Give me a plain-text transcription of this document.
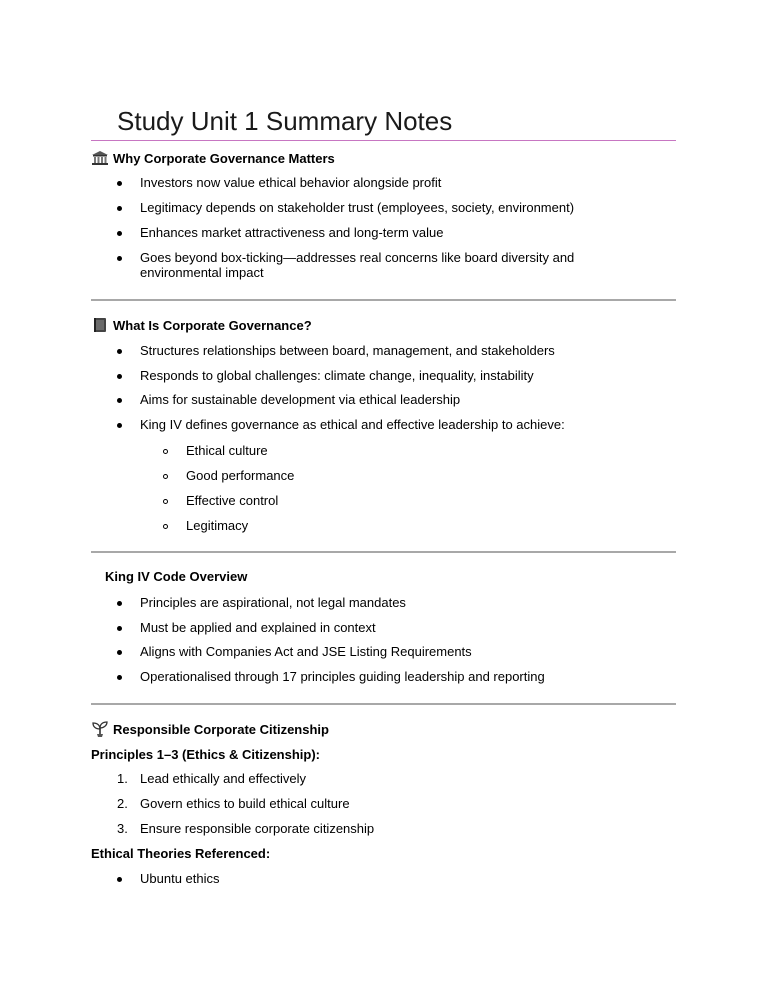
Study Unit 1 Summary Notes
Why Corporate Governance Matters
Investors now value ethical behavior alongside profit
Legitimacy depends on stakeholder trust (employees, society, environment)
Enhances market attractiveness and long-term value
Goes beyond box-ticking—addresses real concerns like board diversity and
environmental impact
What Is Corporate Governance?
Structures relationships between board, management, and stakeholders
Responds to global challenges: climate change, inequality, instability
Aims for sustainable development via ethical leadership
King IV defines governance as ethical and effective leadership to achieve:
Ethical culture
Good performance
Effective control
Legitimacy
King IV Code Overview
Principles are aspirational, not legal mandates
Must be applied and explained in context
Aligns with Companies Act and JSE Listing Requirements
Operationalised through 17 principles guiding leadership and reporting
Responsible Corporate Citizenship
Principles 1–3 (Ethics & Citizenship):
1. Lead ethically and effectively
2. Govern ethics to build ethical culture
3. Ensure responsible corporate citizenship
Ethical Theories Referenced:
Ubuntu ethics
